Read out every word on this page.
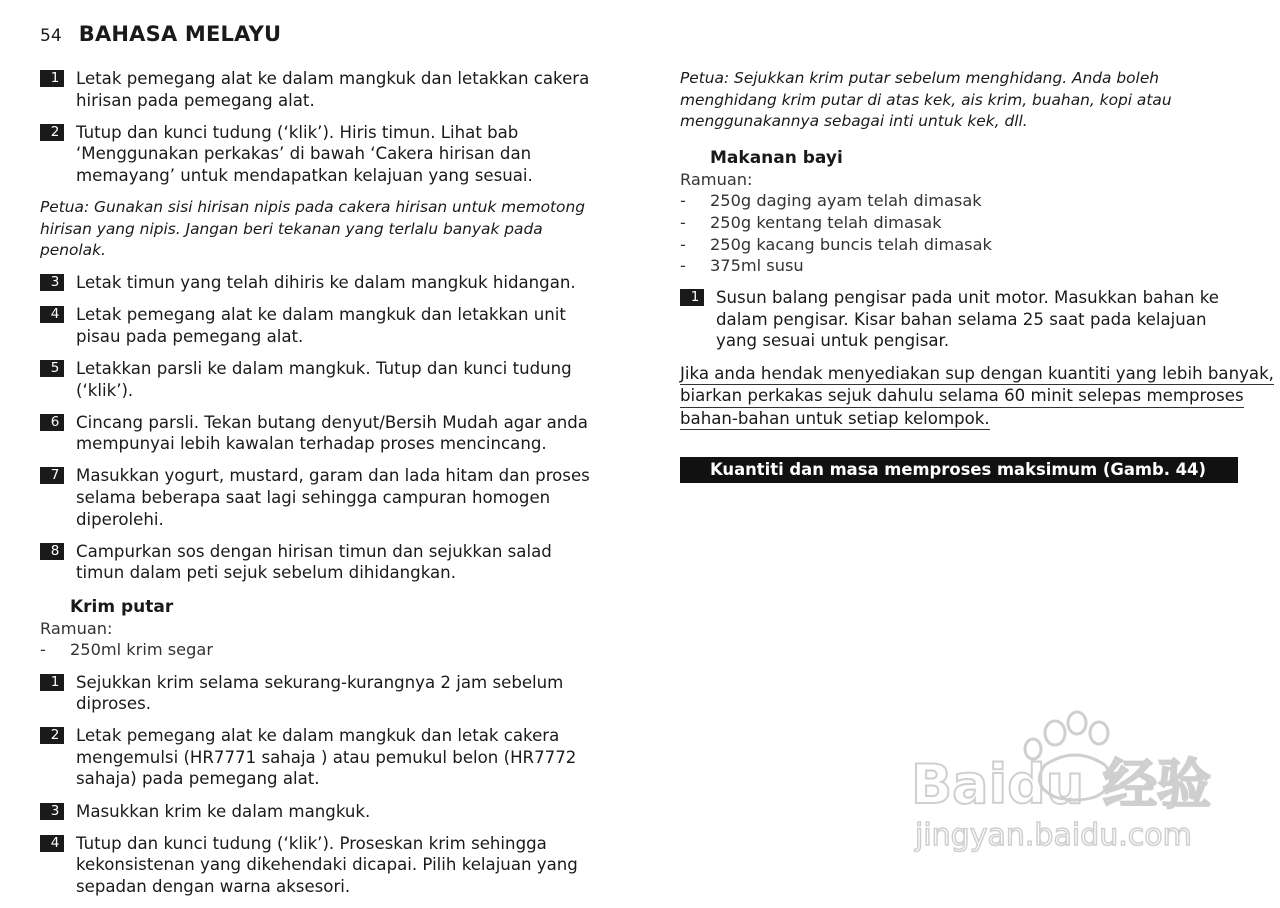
54 BAHASA MELAYU
1 Letak pemegang alat ke dalam mangkuk dan letakkan cakera hirisan pada pemegang alat.
2 Tutup dan kunci tudung (‘klik’). Hiris timun. Lihat bab ‘Menggunakan perkakas’ di bawah ‘Cakera hirisan dan memayang’ untuk mendapatkan kelajuan yang sesuai.
Petua: Gunakan sisi hirisan nipis pada cakera hirisan untuk memotong hirisan yang nipis. Jangan beri tekanan yang terlalu banyak pada penolak.
3 Letak timun yang telah dihiris ke dalam mangkuk hidangan.
4 Letak pemegang alat ke dalam mangkuk dan letakkan unit pisau pada pemegang alat.
5 Letakkan parsli ke dalam mangkuk. Tutup dan kunci tudung (‘klik’).
6 Cincang parsli. Tekan butang denyut/Bersih Mudah agar anda mempunyai lebih kawalan terhadap proses mencincang.
7 Masukkan yogurt, mustard, garam dan lada hitam dan proses selama beberapa saat lagi sehingga campuran homogen diperolehi.
8 Campurkan sos dengan hirisan timun dan sejukkan salad timun dalam peti sejuk sebelum dihidangkan.
Krim putar
Ramuan:
-	250ml krim segar
1 Sejukkan krim selama sekurang-kurangnya 2 jam sebelum diproses.
2 Letak pemegang alat ke dalam mangkuk dan letak cakera mengemulsi (HR7771 sahaja ) atau pemukul belon (HR7772 sahaja) pada pemegang alat.
3 Masukkan krim ke dalam mangkuk.
4 Tutup dan kunci tudung (‘klik’). Proseskan krim sehingga kekonsistenan yang dikehendaki dicapai. Pilih kelajuan yang sepadan dengan warna aksesori.
Petua: Sejukkan krim putar sebelum menghidang. Anda boleh menghidang krim putar di atas kek, ais krim, buahan, kopi atau menggunakannya sebagai inti untuk kek, dll.
Makanan bayi
Ramuan:
-	250g daging ayam telah dimasak
-	250g kentang telah dimasak
-	250g kacang buncis telah dimasak
-	375ml susu
1 Susun balang pengisar pada unit motor. Masukkan bahan ke dalam pengisar. Kisar bahan selama 25 saat pada kelajuan yang sesuai untuk pengisar.
Jika anda hendak menyediakan sup dengan kuantiti yang lebih banyak,
biarkan perkakas sejuk dahulu selama 60 minit selepas memproses
bahan-bahan untuk setiap kelompok.
Kuantiti dan masa memproses maksimum (Gamb. 44)
Baidu 经验
jingyan.baidu.com
